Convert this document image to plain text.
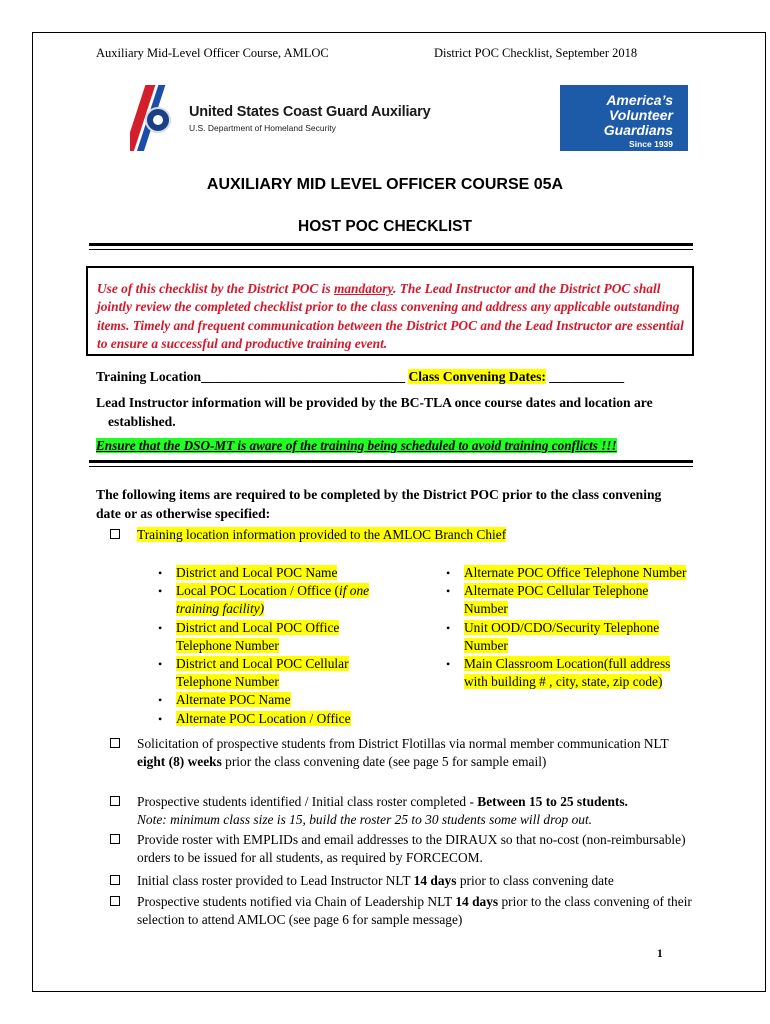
Auxiliary Mid-Level Officer Course, AMLOC	District POC Checklist, September 2018
United States Coast Guard Auxiliary
U.S. Department of Homeland Security
America’s
Volunteer
Guardians
Since 1939
AUXILIARY MID LEVEL OFFICER COURSE 05A
HOST POC CHECKLIST
Use of this checklist by the District POC is mandatory. The Lead Instructor and the District POC shall jointly review the completed checklist prior to the class convening and address any applicable outstanding items. Timely and frequent communication between the District POC and the Lead Instructor are essential to ensure a successful and productive training event.
Training Location______________________________ Class Convening Dates: ___________
Lead Instructor information will be provided by the BC-TLA once course dates and location are established.
Ensure that the DSO-MT is aware of the training being scheduled to avoid training conflicts !!!
The following items are required to be completed by the District POC prior to the class convening date or as otherwise specified:
Training location information provided to the AMLOC Branch Chief
• District and Local POC Name
• Local POC Location / Office (if one training facility)
• District and Local POC Office Telephone Number
• District and Local POC Cellular Telephone Number
• Alternate POC Name
• Alternate POC Location / Office
• Alternate POC Office Telephone Number
• Alternate POC Cellular Telephone Number
• Unit OOD/CDO/Security Telephone Number
• Main Classroom Location(full address with building # , city, state, zip code)
Solicitation of prospective students from District Flotillas via normal member communication NLT eight (8) weeks prior the class convening date (see page 5 for sample email)
Prospective students identified / Initial class roster completed - Between 15 to 25 students.
Note: minimum class size is 15, build the roster 25 to 30 students some will drop out.
Provide roster with EMPLIDs and email addresses to the DIRAUX so that no-cost (non-reimbursable) orders to be issued for all students, as required by FORCECOM.
Initial class roster provided to Lead Instructor NLT 14 days prior to class convening date
Prospective students notified via Chain of Leadership NLT 14 days prior to the class convening of their selection to attend AMLOC (see page 6 for sample message)
1
